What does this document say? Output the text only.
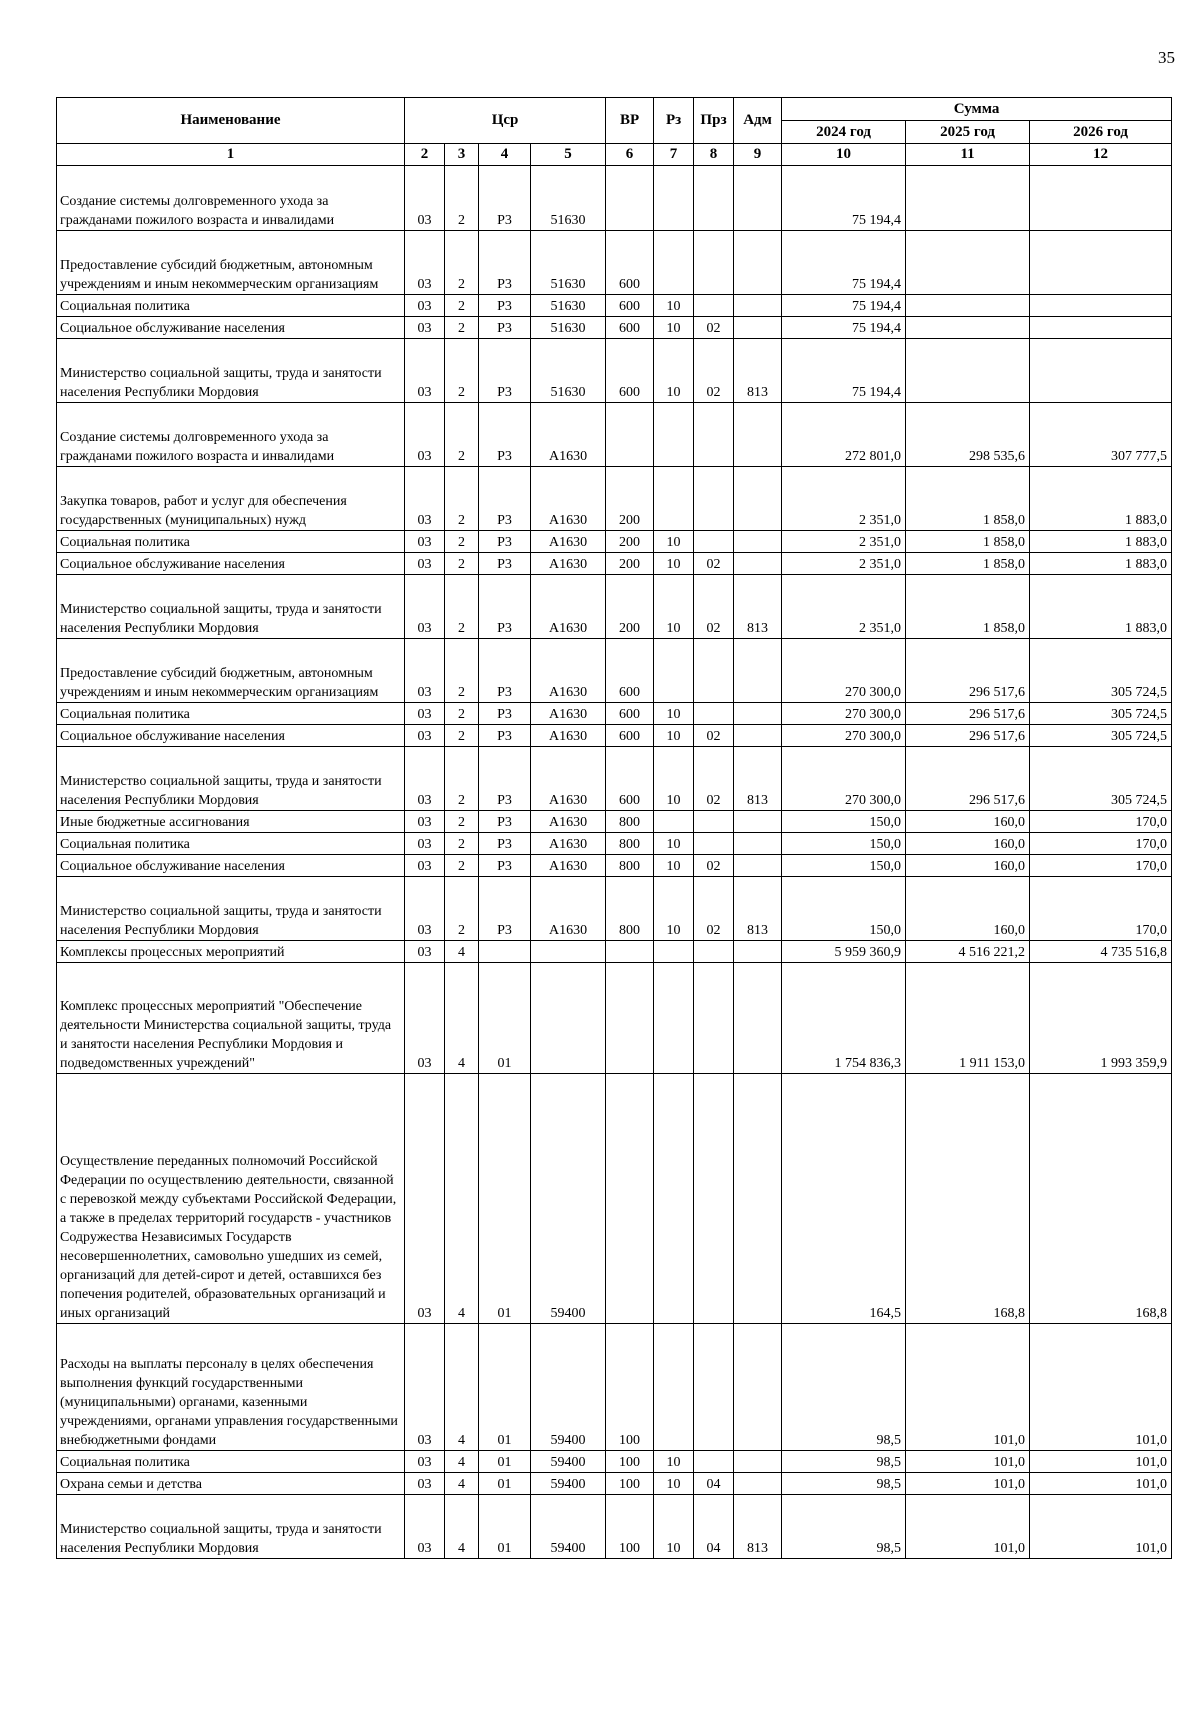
35
Наименование	Цср				ВР	Рз	Прз	Адм	Сумма		
									2024 год	2025 год	2026 год
1	2	3	4	5	6	7	8	9	10	11	12
Создание системы долговременного ухода за гражданами пожилого возраста и инвалидами	03	2	Р3	51630					75 194,4		
Предоставление субсидий бюджетным, автономным учреждениям и иным некоммерческим организациям	03	2	Р3	51630	600				75 194,4		
Социальная политика	03	2	Р3	51630	600	10			75 194,4		
Социальное обслуживание населения	03	2	Р3	51630	600	10	02		75 194,4		
Министерство социальной защиты, труда и занятости населения Республики Мордовия	03	2	Р3	51630	600	10	02	813	75 194,4		
Создание системы долговременного ухода за гражданами пожилого возраста и инвалидами	03	2	Р3	А1630					272 801,0	298 535,6	307 777,5
Закупка товаров, работ и услуг для обеспечения государственных (муниципальных) нужд	03	2	Р3	А1630	200				2 351,0	1 858,0	1 883,0
Социальная политика	03	2	Р3	А1630	200	10			2 351,0	1 858,0	1 883,0
Социальное обслуживание населения	03	2	Р3	А1630	200	10	02		2 351,0	1 858,0	1 883,0
Министерство социальной защиты, труда и занятости населения Республики Мордовия	03	2	Р3	А1630	200	10	02	813	2 351,0	1 858,0	1 883,0
Предоставление субсидий бюджетным, автономным учреждениям и иным некоммерческим организациям	03	2	Р3	А1630	600				270 300,0	296 517,6	305 724,5
Социальная политика	03	2	Р3	А1630	600	10			270 300,0	296 517,6	305 724,5
Социальное обслуживание населения	03	2	Р3	А1630	600	10	02		270 300,0	296 517,6	305 724,5
Министерство социальной защиты, труда и занятости населения Республики Мордовия	03	2	Р3	А1630	600	10	02	813	270 300,0	296 517,6	305 724,5
Иные бюджетные ассигнования	03	2	Р3	А1630	800				150,0	160,0	170,0
Социальная политика	03	2	Р3	А1630	800	10			150,0	160,0	170,0
Социальное обслуживание населения	03	2	Р3	А1630	800	10	02		150,0	160,0	170,0
Министерство социальной защиты, труда и занятости населения Республики Мордовия	03	2	Р3	А1630	800	10	02	813	150,0	160,0	170,0
Комплексы процессных мероприятий	03	4							5 959 360,9	4 516 221,2	4 735 516,8
Комплекс процессных мероприятий "Обеспечение деятельности Министерства социальной защиты, труда и занятости населения Республики Мордовия и подведомственных учреждений"	03	4	01						1 754 836,3	1 911 153,0	1 993 359,9
Осуществление переданных полномочий Российской Федерации по осуществлению деятельности, связанной с перевозкой между субъектами Российской Федерации, а также в пределах территорий государств - участников Содружества Независимых Государств несовершеннолетних, самовольно ушедших из семей, организаций для детей-сирот и детей, оставшихся без попечения родителей, образовательных организаций и иных организаций	03	4	01	59400					164,5	168,8	168,8
Расходы на выплаты персоналу в целях обеспечения выполнения функций государственными (муниципальными) органами, казенными учреждениями, органами управления государственными внебюджетными фондами	03	4	01	59400	100				98,5	101,0	101,0
Социальная политика	03	4	01	59400	100	10			98,5	101,0	101,0
Охрана семьи и детства	03	4	01	59400	100	10	04		98,5	101,0	101,0
Министерство социальной защиты, труда и занятости населения Республики Мордовия	03	4	01	59400	100	10	04	813	98,5	101,0	101,0
